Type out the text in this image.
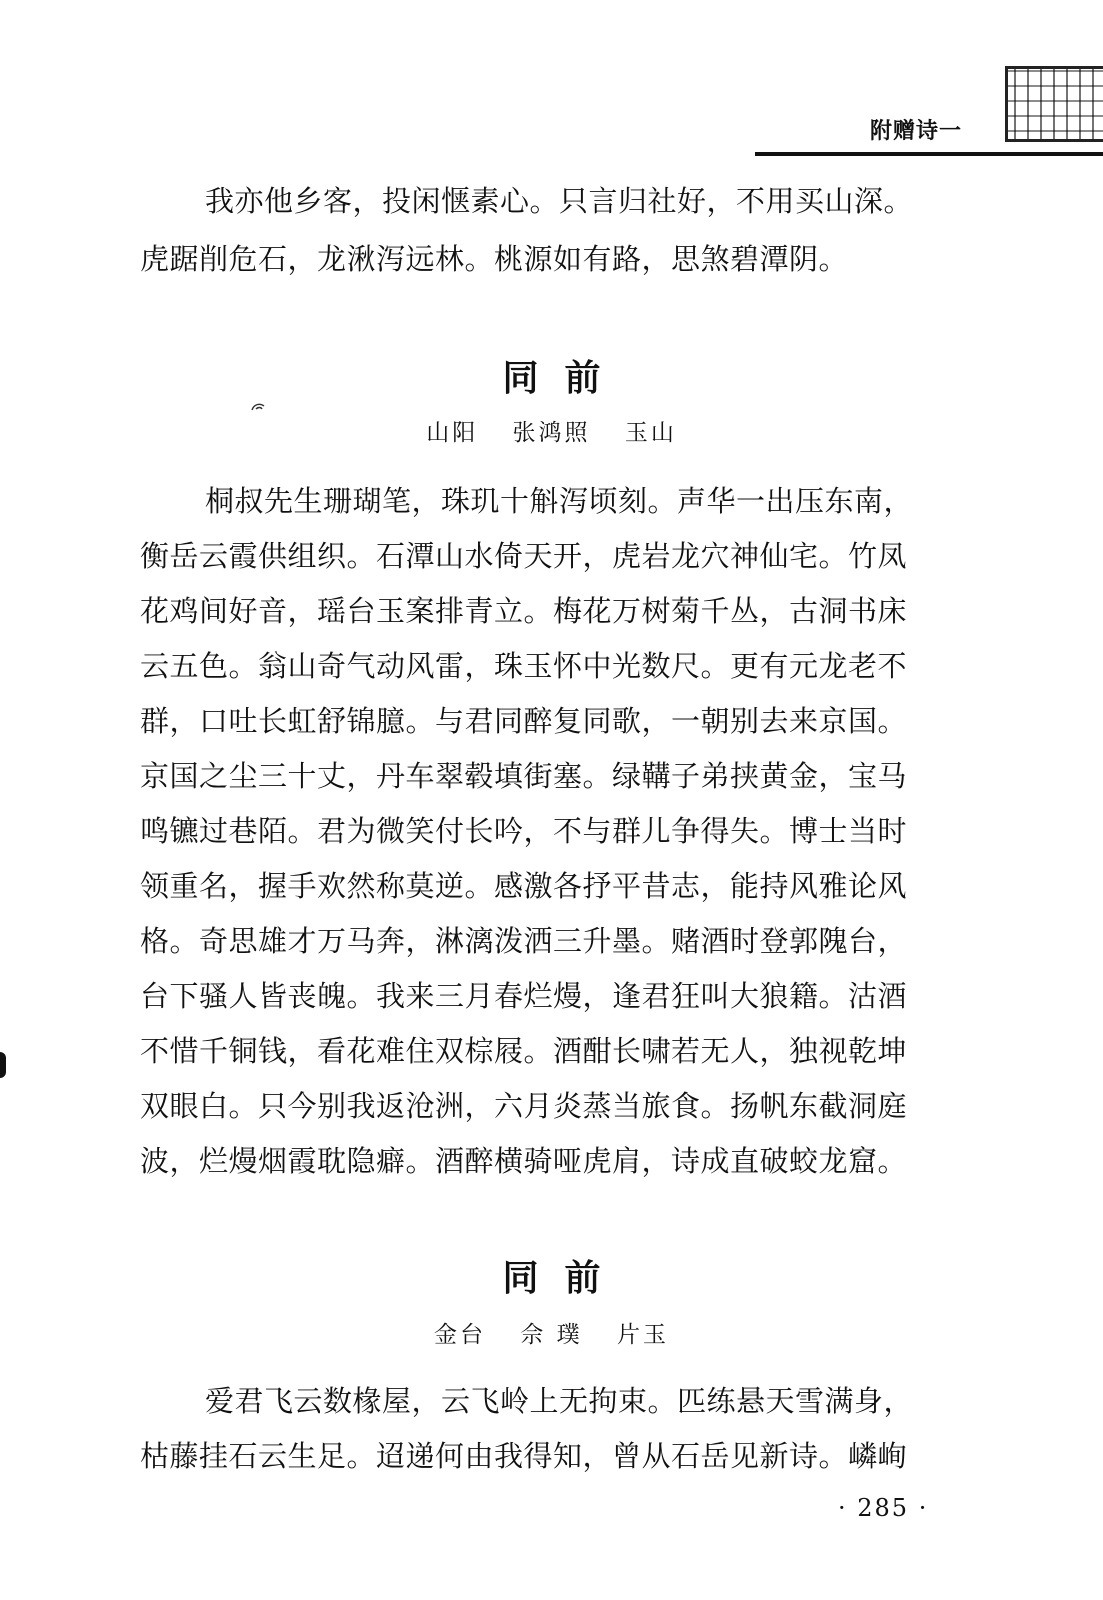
附赠诗一
我亦他乡客，投闲惬素心。只言归社好，不用买山深。
虎踞削危石，龙湫泻远林。桃源如有路，思煞碧潭阴。
同前
山阳 张鸿照 玉山
桐叔先生珊瑚笔，珠玑十斛泻顷刻。声华一出压东南，
衡岳云霞供组织。石潭山水倚天开，虎岩龙穴神仙宅。竹凤
花鸡间好音，瑶台玉案排青立。梅花万树菊千丛，古洞书床
云五色。翁山奇气动风雷，珠玉怀中光数尺。更有元龙老不
群，口吐长虹舒锦臆。与君同醉复同歌，一朝别去来京国。
京国之尘三十丈，丹车翠毂填街塞。绿鞲子弟挟黄金，宝马
鸣镳过巷陌。君为微笑付长吟，不与群儿争得失。博士当时
领重名，握手欢然称莫逆。感激各抒平昔志，能持风雅论风
格。奇思雄才万马奔，淋漓泼洒三升墨。赌酒时登郭隗台，
台下骚人皆丧魄。我来三月春烂熳，逢君狂叫大狼籍。沽酒
不惜千铜钱，看花难住双棕屐。酒酣长啸若无人，独视乾坤
双眼白。只今别我返沧洲，六月炎蒸当旅食。扬帆东截洞庭
波，烂熳烟霞耽隐癖。酒醉横骑哑虎肩，诗成直破蛟龙窟。
同前
金台 佘 璞 片玉
爱君飞云数椽屋，云飞岭上无拘束。匹练悬天雪满身，
枯藤挂石云生足。迢递何由我得知，曾从石岳见新诗。嶙峋
· 285 ·
